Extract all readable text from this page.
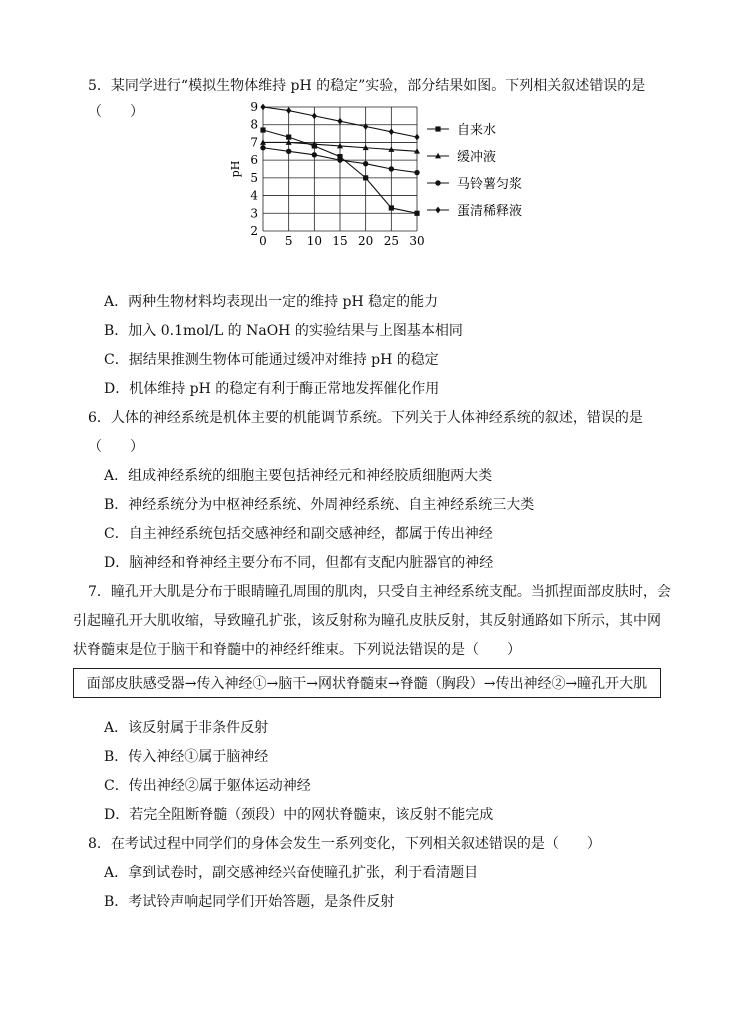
5．某同学进行“模拟生物体维持 pH 的稳定”实验，部分结果如图。下列相关叙述错误的是
（　　）
0 5 10 15 20 25 30
2
3
4
5
6
7
8
9
pH
自来水
缓冲液
马铃薯匀浆
蛋清稀释液
A．两种生物材料均表现出一定的维持 pH 稳定的能力
B．加入 0.1mol/L 的 NaOH 的实验结果与上图基本相同
C．据结果推测生物体可能通过缓冲对维持 pH 的稳定
D．机体维持 pH 的稳定有利于酶正常地发挥催化作用
6．人体的神经系统是机体主要的机能调节系统。下列关于人体神经系统的叙述，错误的是
（　　）
A．组成神经系统的细胞主要包括神经元和神经胶质细胞两大类
B．神经系统分为中枢神经系统、外周神经系统、自主神经系统三大类
C．自主神经系统包括交感神经和副交感神经，都属于传出神经
D．脑神经和脊神经主要分布不同，但都有支配内脏器官的神经
7．瞳孔开大肌是分布于眼睛瞳孔周围的肌肉，只受自主神经系统支配。当抓捏面部皮肤时，会
引起瞳孔开大肌收缩，导致瞳孔扩张，该反射称为瞳孔皮肤反射，其反射通路如下所示，其中网
状脊髓束是位于脑干和脊髓中的神经纤维束。下列说法错误的是（　　）
面部皮肤感受器→传入神经①→脑干→网状脊髓束→脊髓（胸段）→传出神经②→瞳孔开大肌
A．该反射属于非条件反射
B．传入神经①属于脑神经
C．传出神经②属于躯体运动神经
D．若完全阻断脊髓（颈段）中的网状脊髓束，该反射不能完成
8．在考试过程中同学们的身体会发生一系列变化，下列相关叙述错误的是（　　）
A．拿到试卷时，副交感神经兴奋使瞳孔扩张，利于看清题目
B．考试铃声响起同学们开始答题，是条件反射
